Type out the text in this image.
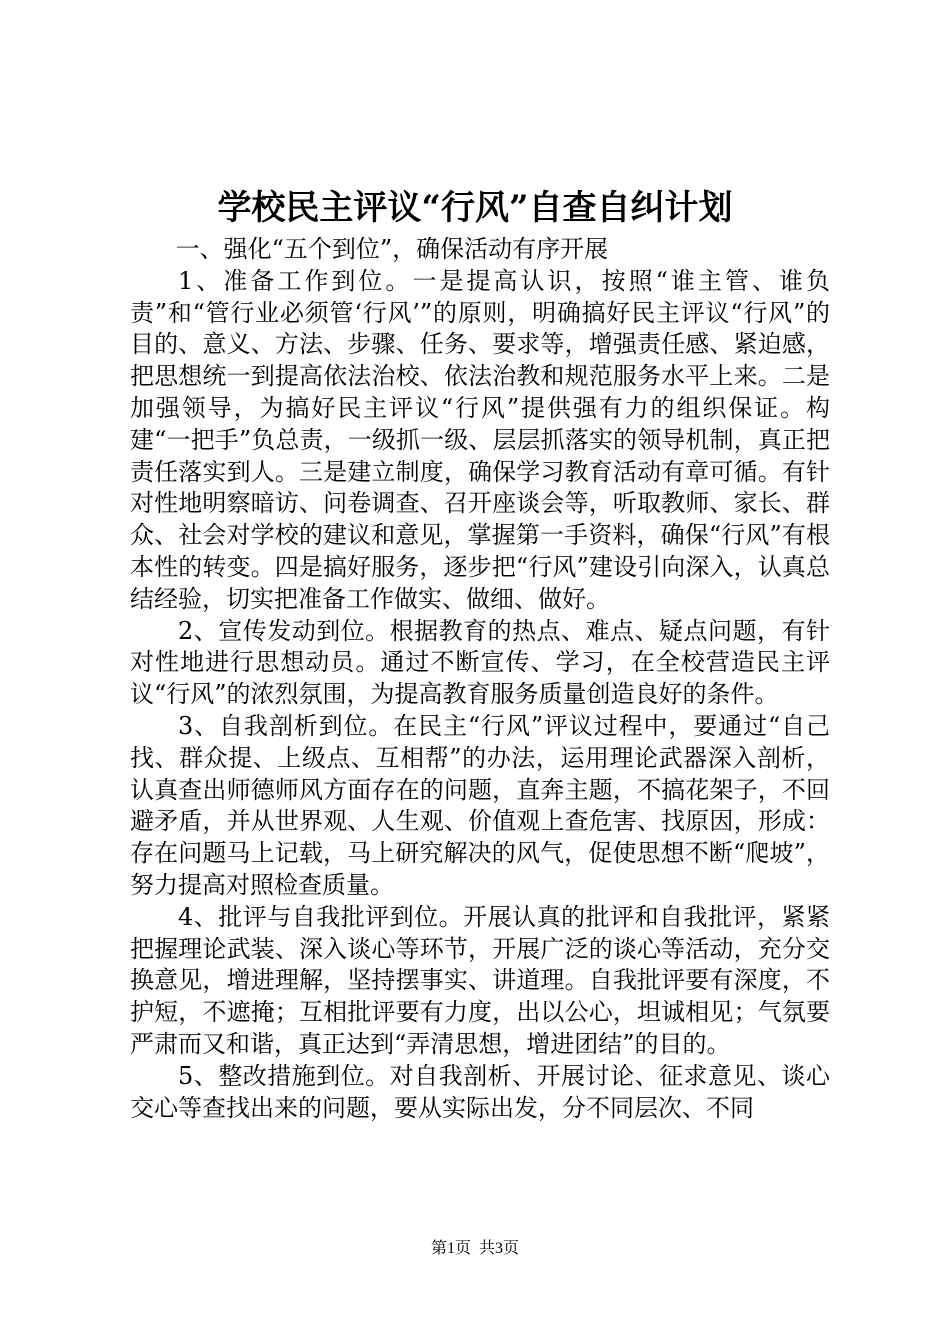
学校民主评议“行风”自查自纠计划

一、强化“五个到位”，确保活动有序开展

1、准备工作到位。一是提高认识，按照“谁主管、谁负责”和“管行业必须管‘行风’”的原则，明确搞好民主评议“行风”的目的、意义、方法、步骤、任务、要求等，增强责任感、紧迫感，把思想统一到提高依法治校、依法治教和规范服务水平上来。二是加强领导，为搞好民主评议“行风”提供强有力的组织保证。构建“一把手”负总责，一级抓一级、层层抓落实的领导机制，真正把责任落实到人。三是建立制度，确保学习教育活动有章可循。有针对性地明察暗访、问卷调查、召开座谈会等，听取教师、家长、群众、社会对学校的建议和意见，掌握第一手资料，确保“行风”有根本性的转变。四是搞好服务，逐步把“行风”建设引向深入，认真总结经验，切实把准备工作做实、做细、做好。

2、宣传发动到位。根据教育的热点、难点、疑点问题，有针对性地进行思想动员。通过不断宣传、学习，在全校营造民主评议“行风”的浓烈氛围，为提高教育服务质量创造良好的条件。

3、自我剖析到位。在民主“行风”评议过程中，要通过“自己找、群众提、上级点、互相帮”的办法，运用理论武器深入剖析，认真查出师德师风方面存在的问题，直奔主题，不搞花架子，不回避矛盾，并从世界观、人生观、价值观上查危害、找原因，形成：存在问题马上记载，马上研究解决的风气，促使思想不断“爬坡”，努力提高对照检查质量。

4、批评与自我批评到位。开展认真的批评和自我批评，紧紧把握理论武装、深入谈心等环节，开展广泛的谈心等活动，充分交换意见，增进理解，坚持摆事实、讲道理。自我批评要有深度，不护短，不遮掩；互相批评要有力度，出以公心，坦诚相见；气氛要严肃而又和谐，真正达到“弄清思想，增进团结”的目的。

5、整改措施到位。对自我剖析、开展讨论、征求意见、谈心交心等查找出来的问题，要从实际出发，分不同层次、不同

第1页 共3页
